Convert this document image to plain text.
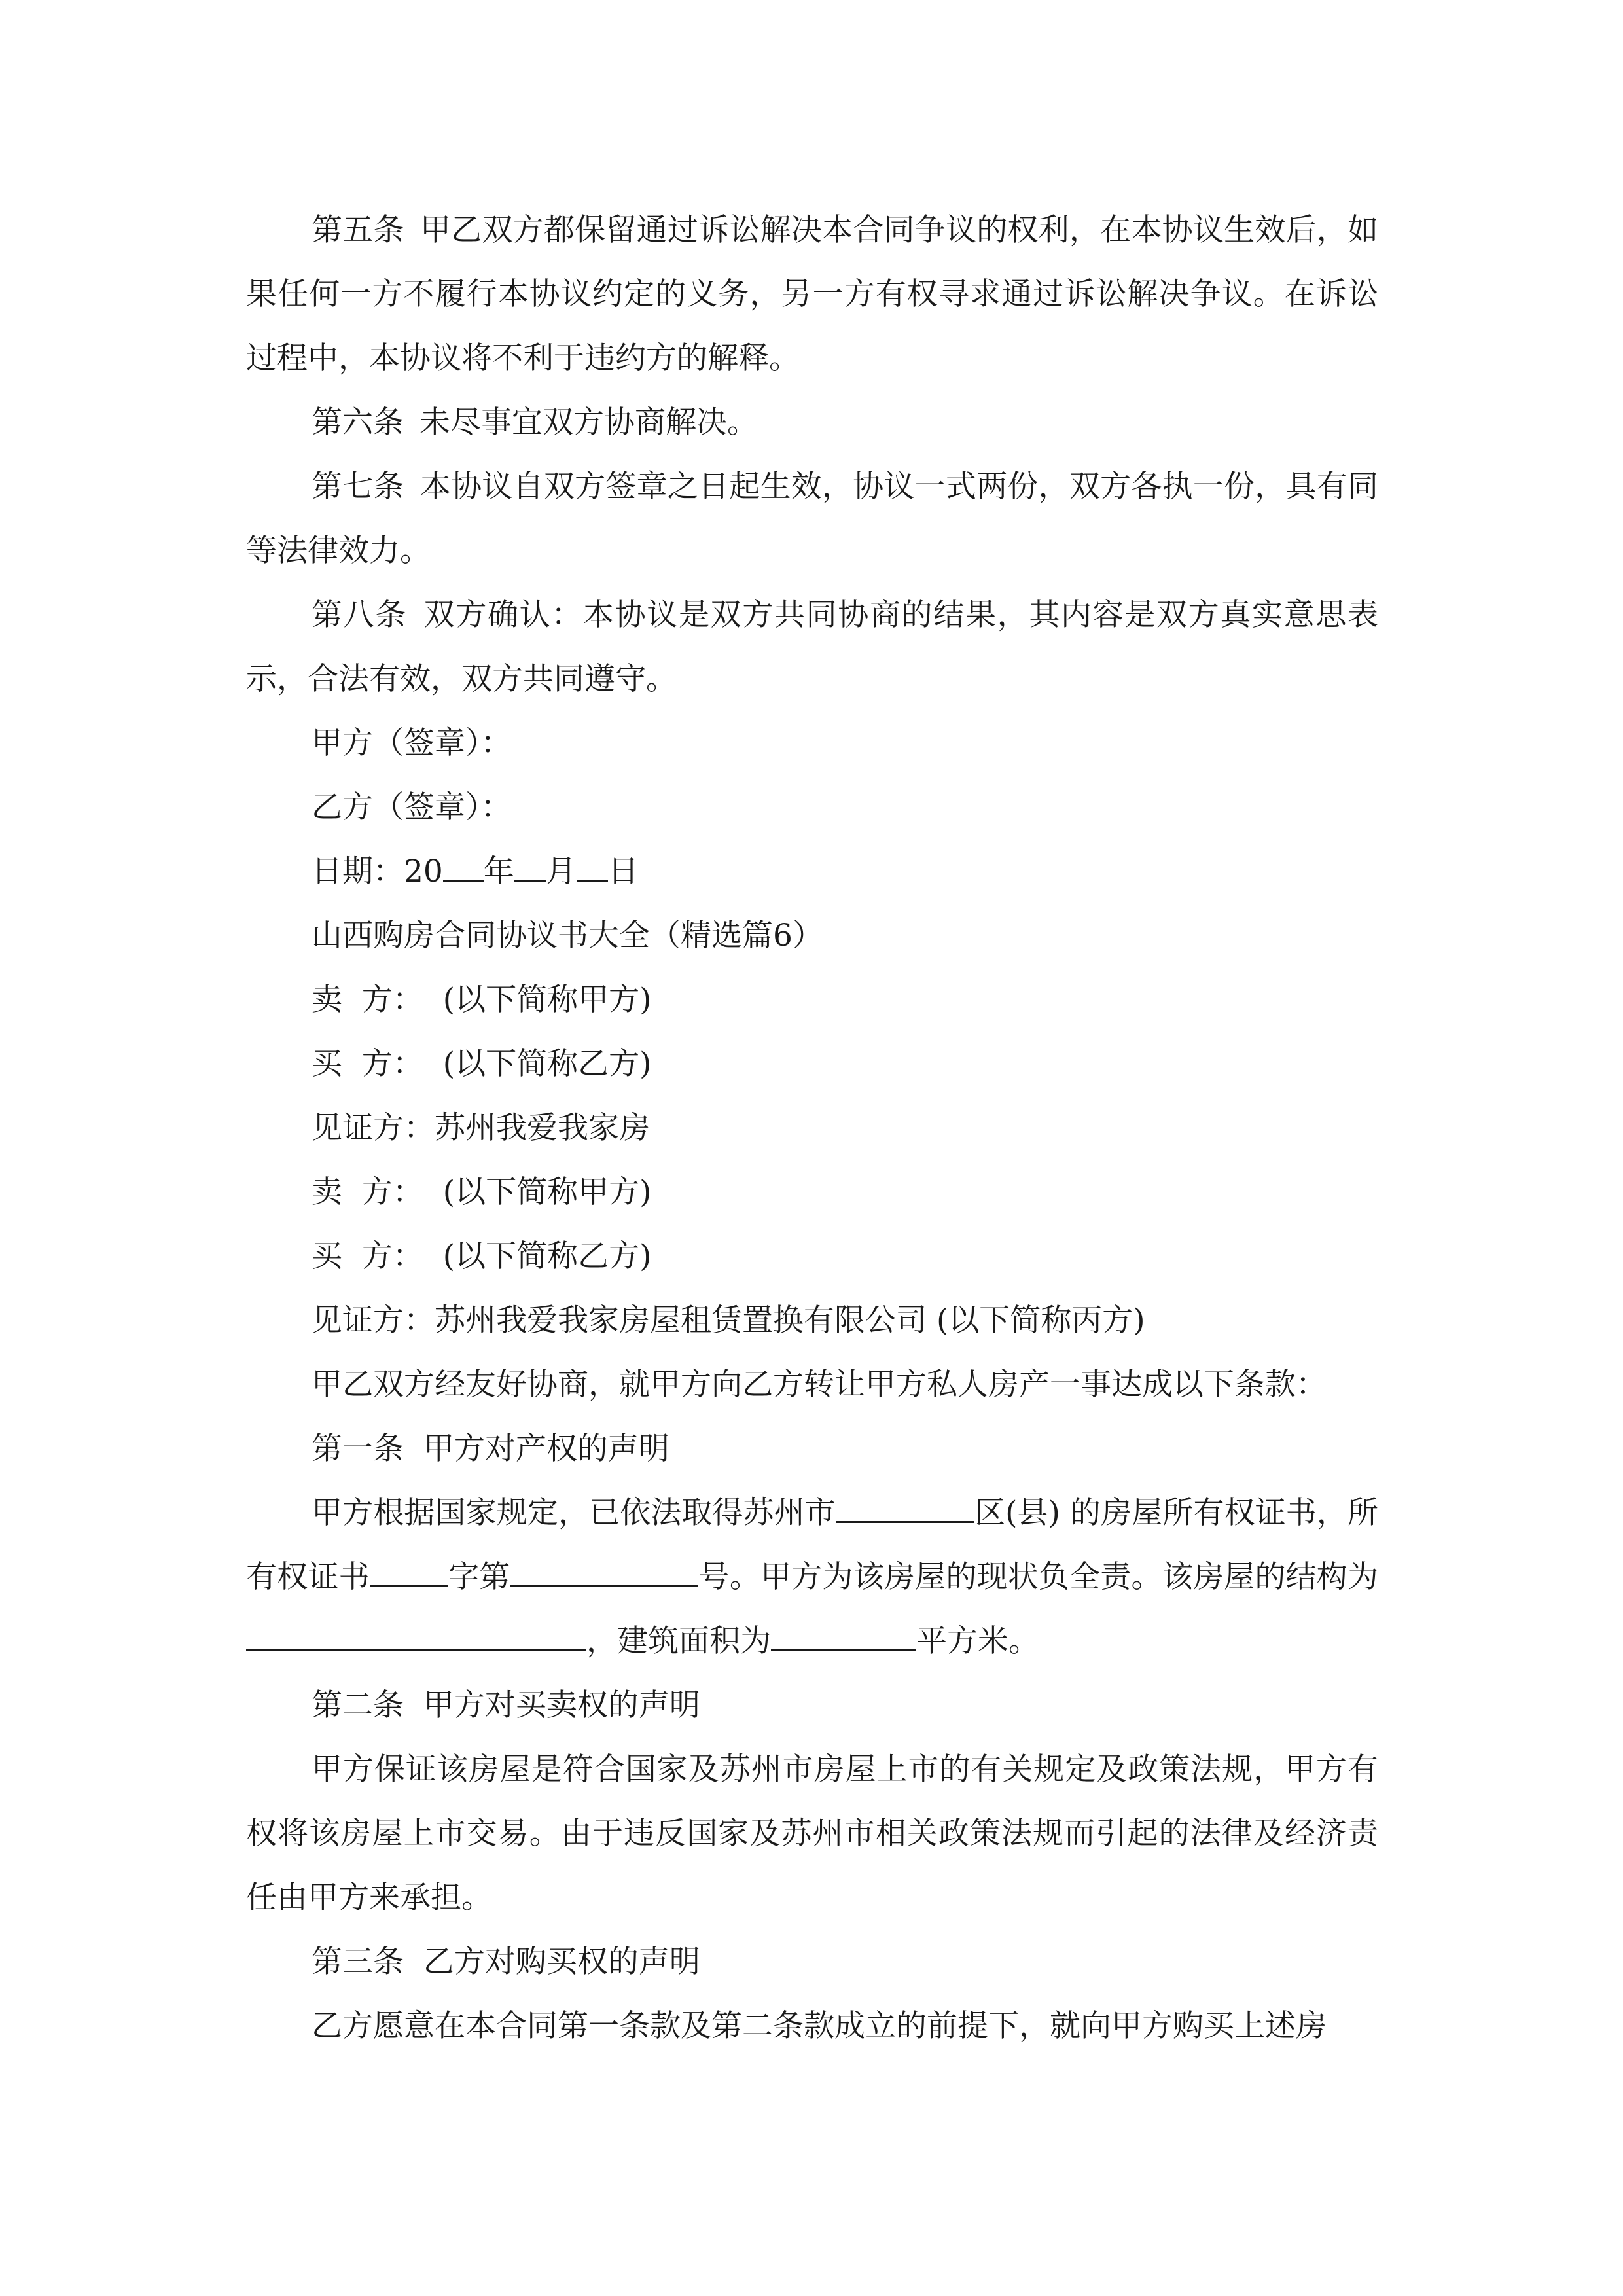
第五条 甲乙双方都保留通过诉讼解决本合同争议的权利，在本协议生效后，如果任何一方不履行本协议约定的义务，另一方有权寻求通过诉讼解决争议。在诉讼过程中，本协议将不利于违约方的解释。

第六条 未尽事宜双方协商解决。

第七条 本协议自双方签章之日起生效，协议一式两份，双方各执一份，具有同等法律效力。

第八条 双方确认：本协议是双方共同协商的结果，其内容是双方真实意思表示，合法有效，双方共同遵守。

甲方（签章）：

乙方（签章）：

日期：20 年 月 日

山西购房合同协议书大全（精选篇6）

卖  方：  (以下简称甲方)

买  方：  (以下简称乙方)

见证方：苏州我爱我家房

卖  方：  (以下简称甲方)

买  方：  (以下简称乙方)

见证方：苏州我爱我家房屋租赁置换有限公司 (以下简称丙方)

甲乙双方经友好协商，就甲方向乙方转让甲方私人房产一事达成以下条款：

第一条  甲方对产权的声明

甲方根据国家规定，已依法取得苏州市	区(县) 的房屋所有权证书，所有权证书	字第	号。甲方为该房屋的现状负全责。该房屋的结构为 ，建筑面积为	平方米。

第二条  甲方对买卖权的声明

甲方保证该房屋是符合国家及苏州市房屋上市的有关规定及政策法规，甲方有权将该房屋上市交易。由于违反国家及苏州市相关政策法规而引起的法律及经济责任由甲方来承担。

第三条  乙方对购买权的声明

乙方愿意在本合同第一条款及第二条款成立的前提下，就向甲方购买上述房
